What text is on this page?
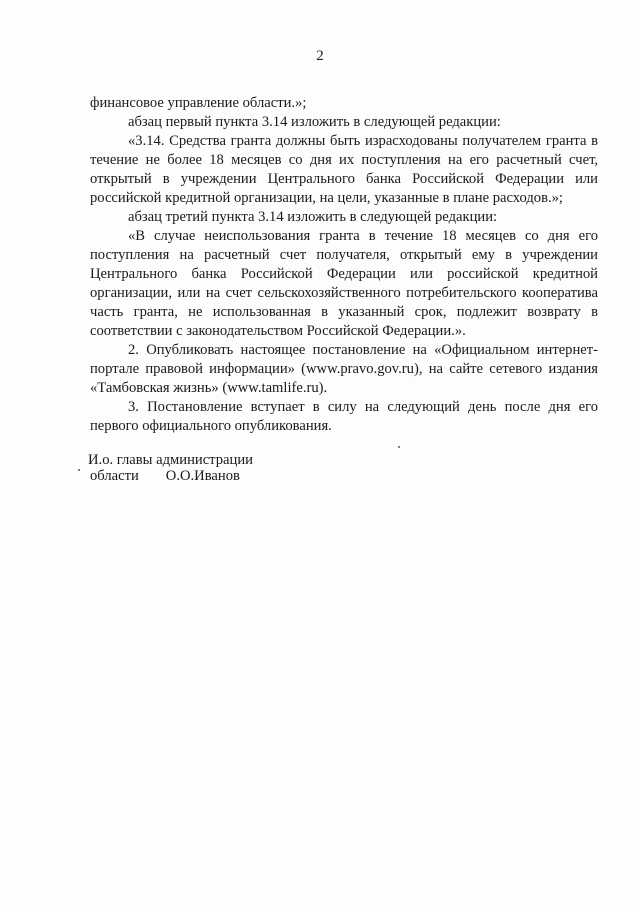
2

финансовое управление области.»;

абзац первый пункта 3.14 изложить в следующей редакции:

«3.14. Средства гранта должны быть израсходованы получателем гранта в течение не более 18 месяцев со дня их поступления на его расчетный счет, открытый в учреждении Центрального банка Российской Федерации или российской кредитной организации, на цели, указанные в плане расходов.»;

абзац третий пункта 3.14 изложить в следующей редакции:

«В случае неиспользования гранта в течение 18 месяцев со дня его поступления на расчетный счет получателя, открытый ему в учреждении Центрального банка Российской Федерации или российской кредитной организации, или на счет сельскохозяйственного потребительского кооператива часть гранта, не использованная в указанный срок, подлежит возврату в соответствии с законодательством Российской Федерации.».

2. Опубликовать настоящее постановление на «Официальном интернет-портале правовой информации» (www.pravo.gov.ru), на сайте сетевого издания «Тамбовская жизнь» (www.tamlife.ru).

3. Постановление вступает в силу на следующий день после дня его первого официального опубликования.

И.о. главы администрации
области О.О.Иванов
